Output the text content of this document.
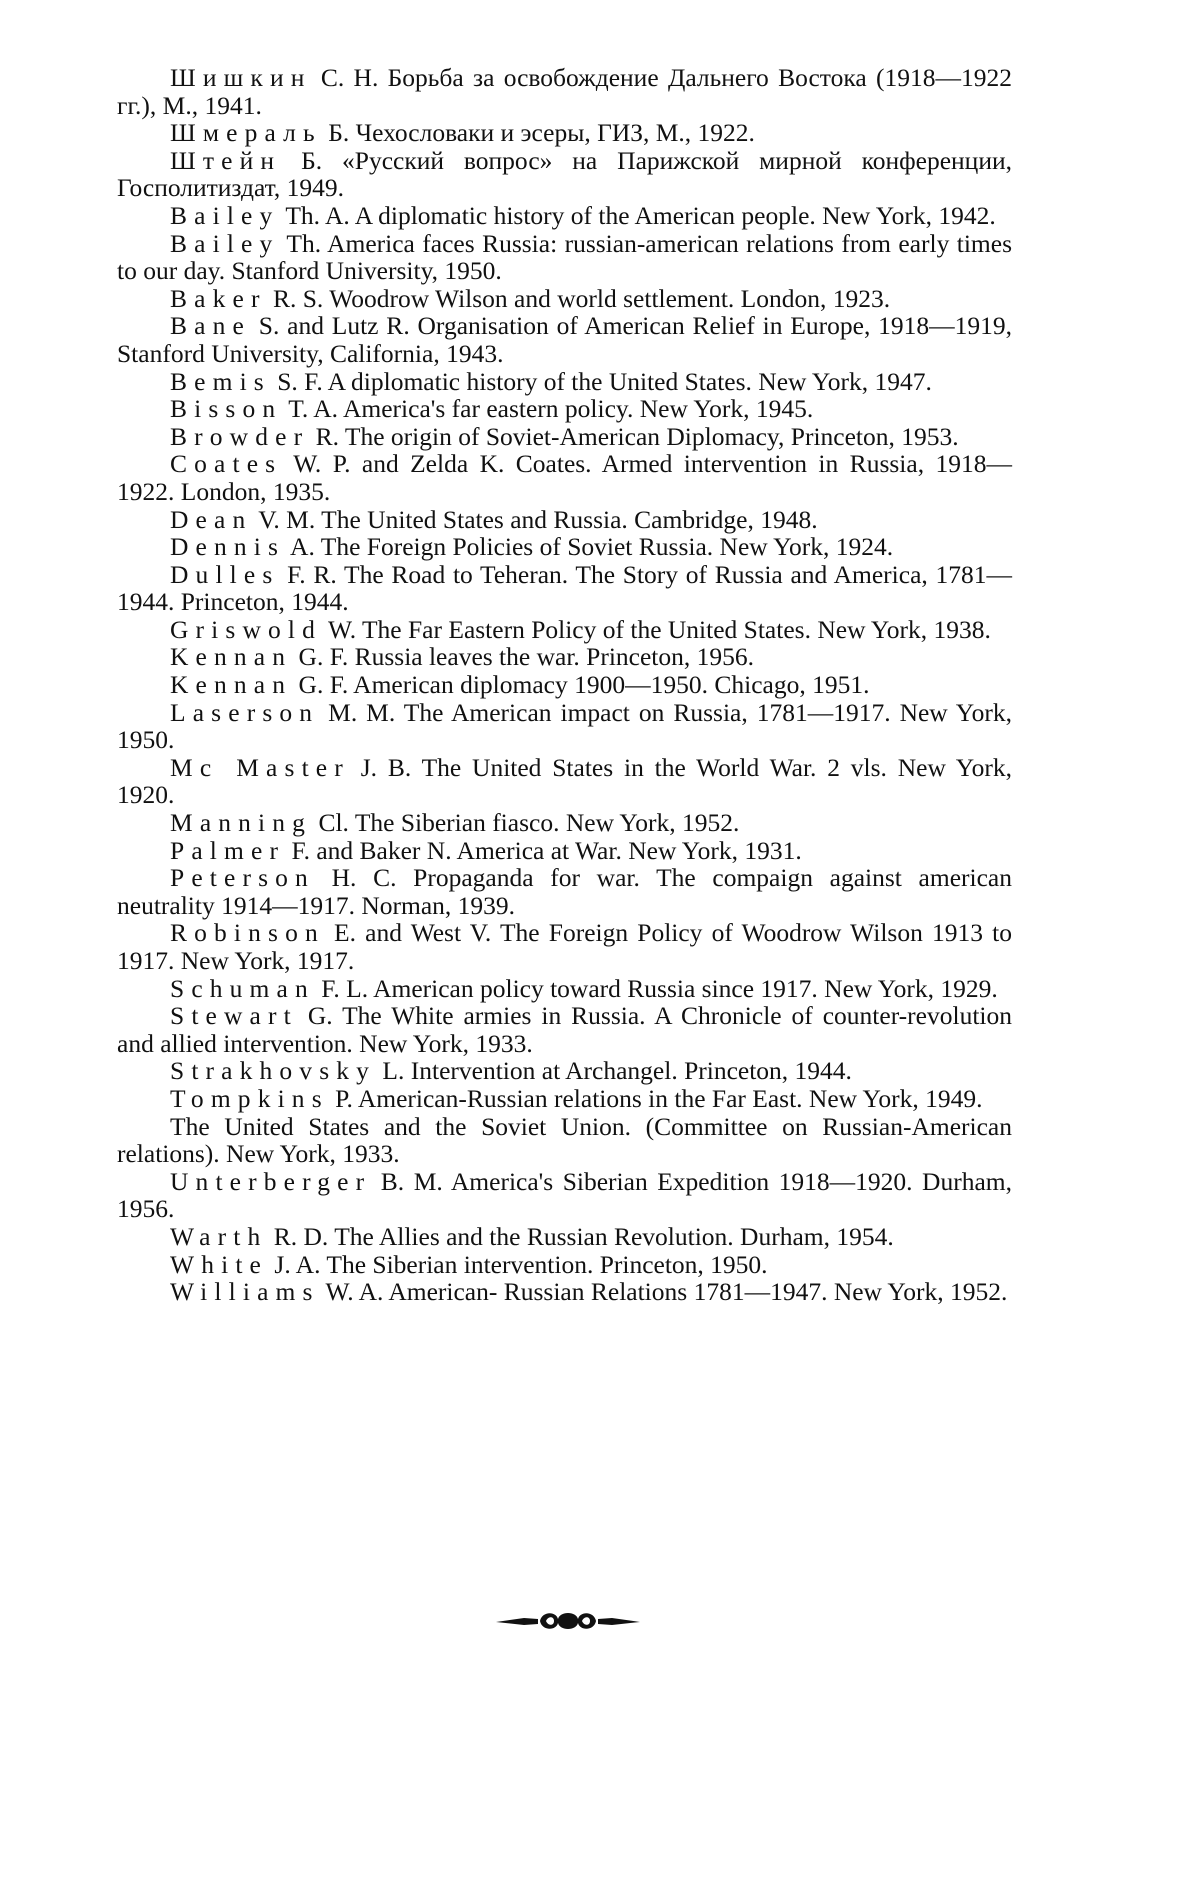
Шишкин С. Н. Борьба за освобождение Дальнего Востока (1918—1922 гг.), М., 1941.

Шмераль Б. Чехословаки и эсеры, ГИЗ, М., 1922.

Штейн Б. «Русский вопрос» на Парижской мирной конференции, Госполитиздат, 1949.

Bailey Th. A. A diplomatic history of the American people. New York, 1942.

Bailey Th. America faces Russia: russian-american relations from early times to our day. Stanford University, 1950.

Baker R. S. Woodrow Wilson and world settlement. London, 1923.

Bane S. and Lutz R. Organisation of American Relief in Europe, 1918—1919, Stanford University, California, 1943.

Bemis S. F. A diplomatic history of the United States. New York, 1947.

Bisson T. A. America's far eastern policy. New York, 1945.

Browder R. The origin of Soviet-American Diplomacy, Princeton, 1953.

Coates W. P. and Zelda K. Coates. Armed intervention in Russia, 1918—1922. London, 1935.

Dean V. M. The United States and Russia. Cambridge, 1948.

Dennis A. The Foreign Policies of Soviet Russia. New York, 1924.

Dulles F. R. The Road to Teheran. The Story of Russia and America, 1781—1944. Princeton, 1944.

Griswold W. The Far Eastern Policy of the United States. New York, 1938.

Kennan G. F. Russia leaves the war. Princeton, 1956.

Kennan G. F. American diplomacy 1900—1950. Chicago, 1951.

Laserson M. M. The American impact on Russia, 1781—1917. New York, 1950.

Mc Master J. B. The United States in the World War. 2 vls. New York, 1920.

Manning Cl. The Siberian fiasco. New York, 1952.

Palmer F. and Baker N. America at War. New York, 1931.

Peterson H. C. Propaganda for war. The compaign against american neutrality 1914—1917. Norman, 1939.

Robinson E. and West V. The Foreign Policy of Woodrow Wilson 1913 to 1917. New York, 1917.

Schuman F. L. American policy toward Russia since 1917. New York, 1929.

Stewart G. The White armies in Russia. A Chronicle of counter-revolution and allied intervention. New York, 1933.

Strakhovsky L. Intervention at Archangel. Princeton, 1944.

Tompkins P. American-Russian relations in the Far East. New York, 1949.

The United States and the Soviet Union. (Committee on Russian-American relations). New York, 1933.

Unterberger B. M. America's Siberian Expedition 1918—1920. Durham, 1956.

Warth R. D. The Allies and the Russian Revolution. Durham, 1954.

White J. A. The Siberian intervention. Princeton, 1950.

Williams W. A. American- Russian Relations 1781—1947. New York, 1952.
